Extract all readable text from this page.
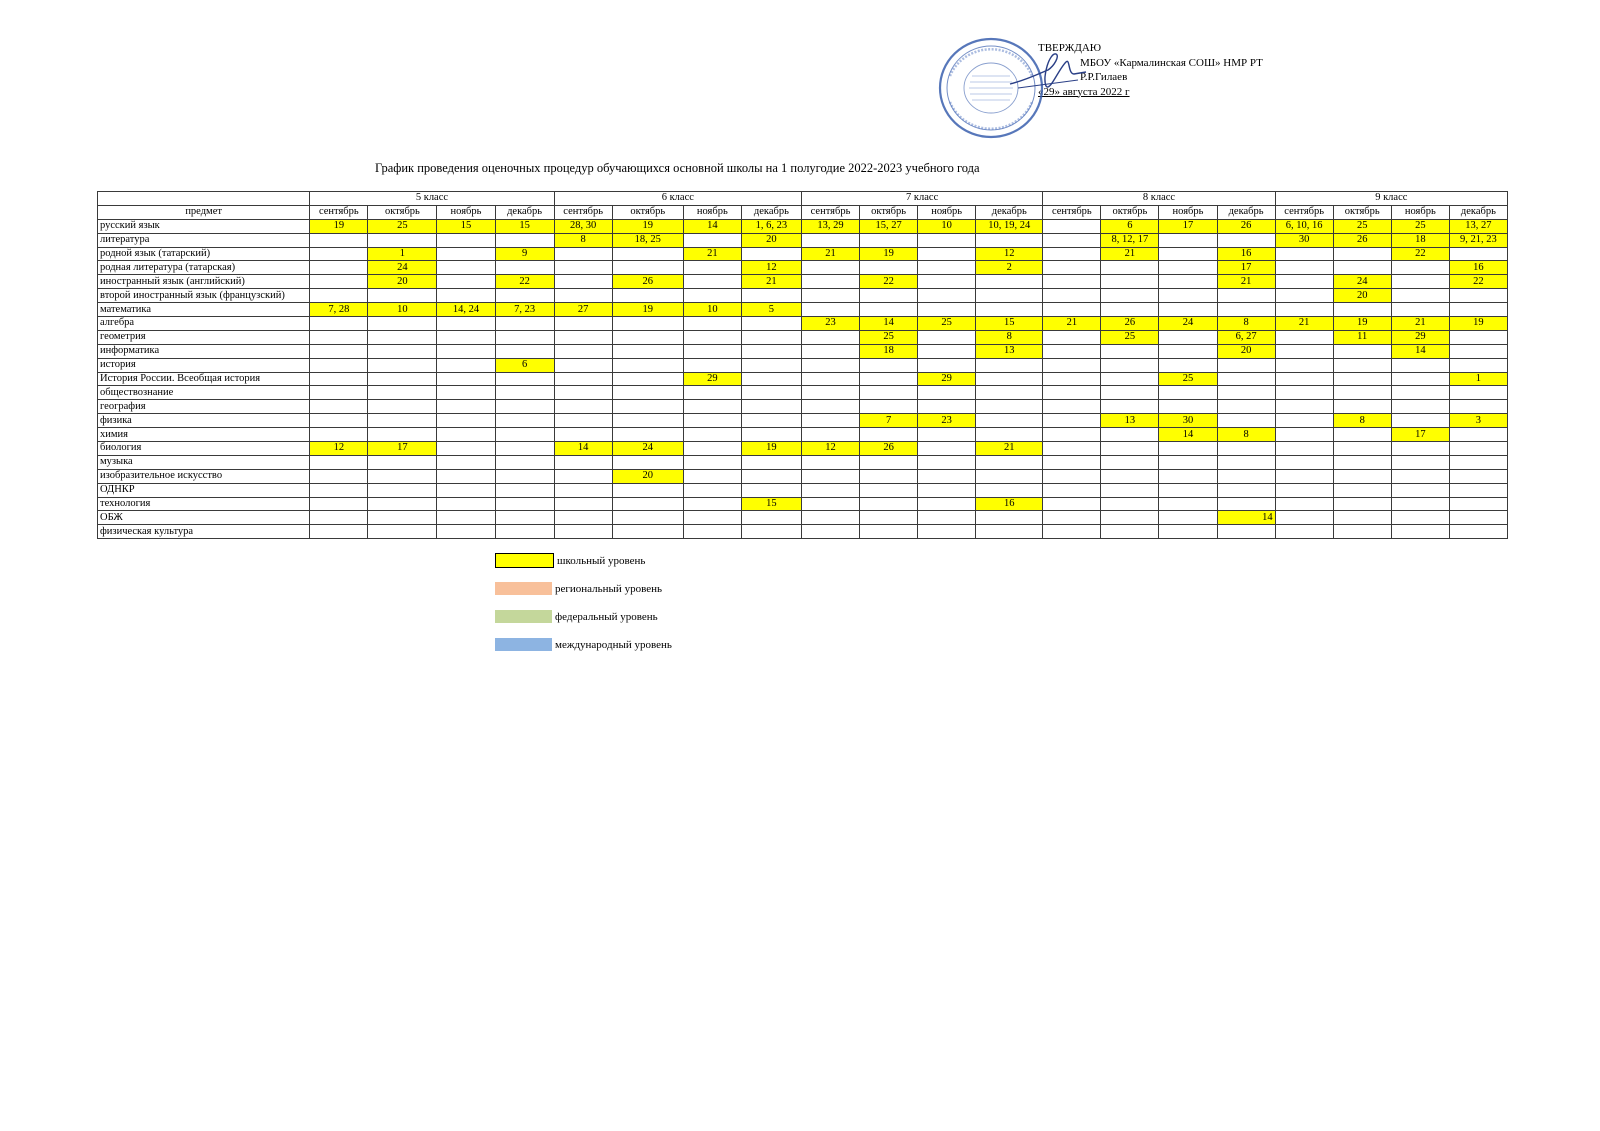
ТВЕРЖДАЮ
МБОУ «Кармалинская СОШ» НМР РТ
Р.Р.Гилаев
«29» августа 2022 г
График проведения оценочных процедур обучающихся основной школы на 1 полугодие 2022-2023 учебного года
	5 класс				6 класс				7 класс				8 класс				9 класс			
предмет	сентябрь	октябрь	ноябрь	декабрь	сентябрь	октябрь	ноябрь	декабрь	сентябрь	октябрь	ноябрь	декабрь	сентябрь	октябрь	ноябрь	декабрь	сентябрь	октябрь	ноябрь	декабрь
русский язык	19	25	15	15	28, 30	19	14	1, 6, 23	13, 29	15, 27	10	10, 19, 24		6	17	26	6, 10, 16	25	25	13, 27
литература					8	18, 25		20						8, 12, 17			30	26	18	9, 21, 23
родной язык (татарский)		1		9			21		21	19		12		21		16			22	
родная литература (татарская)		24						12				2				17				16
иностранный язык (английский)		20		22		26		21		22						21		24		22
второй иностранный язык (французский)																		20		
математика	7, 28	10	14, 24	7, 23	27	19	10	5												
алгебра									23	14	25	15	21	26	24	8	21	19	21	19
геометрия										25		8		25		6, 27		11	29	
информатика										18		13				20			14	
история				6																
История России. Всеобщая история							29				29				25					1
обществознание																				
география																				
физика										7	23			13	30			8		3
химия															14	8			17	
биология	12	17			14	24		19	12	26		21								
музыка																				
изобразительное искусство						20														
ОДНКР																				
технология								15				16								
ОБЖ																14				
физическая культура																				
школьный уровень
региональный уровень
федеральный уровень
международный уровень
